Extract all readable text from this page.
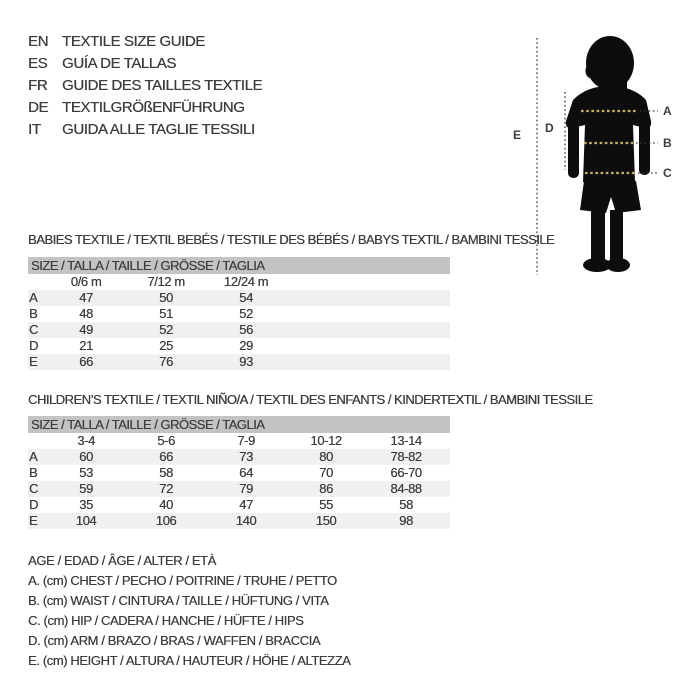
EN TEXTILE SIZE GUIDE
ES GUÍA DE TALLAS
FR GUIDE DES TAILLES TEXTILE
DE TEXTILGRÖßENFÜHRUNG
IT	GUIDA ALLE TAGLIE TESSILI	E D
A
B
C
BABIES TEXTILE / TEXTIL BEBÉS / TESTILE DES BÉBÉS / BABYS TEXTIL / BAMBINI TESSILE
SIZE / TALLA / TAILLE / GRÖSSE / TAGLIA				
	0/6 m	7/12 m	12/24 m	
A	47	50	54	
B	48	51	52	
C	49	52	56	
D	21	25	29	
E	66	76	93	
CHILDREN’S TEXTILE / TEXTIL NIÑO/A / TEXTIL DES ENFANTS / KINDERTEXTIL / BAMBINI TESSILE
SIZE / TALLA / TAILLE / GRÖSSE / TAGLIA						
	3-4	5-6	7-9	10-12	13-14	
A	60	66	73	80	78-82	
B	53	58	64	70	66-70	
C	59	72	79	86	84-88	
D	35	40	47	55	58	
E	104	106	140	150	98	
AGE / EDAD / ÂGE / ALTER / ETÀ
A. (cm) CHEST / PECHO / POITRINE / TRUHE / PETTO
B. (cm) WAIST / CINTURA / TAILLE / HÜFTUNG / VITA
C. (cm) HIP / CADERA / HANCHE / HÜFTE / HIPS
D. (cm) ARM / BRAZO / BRAS / WAFFEN / BRACCIA
E. (cm) HEIGHT / ALTURA / HAUTEUR / HÖHE / ALTEZZA
